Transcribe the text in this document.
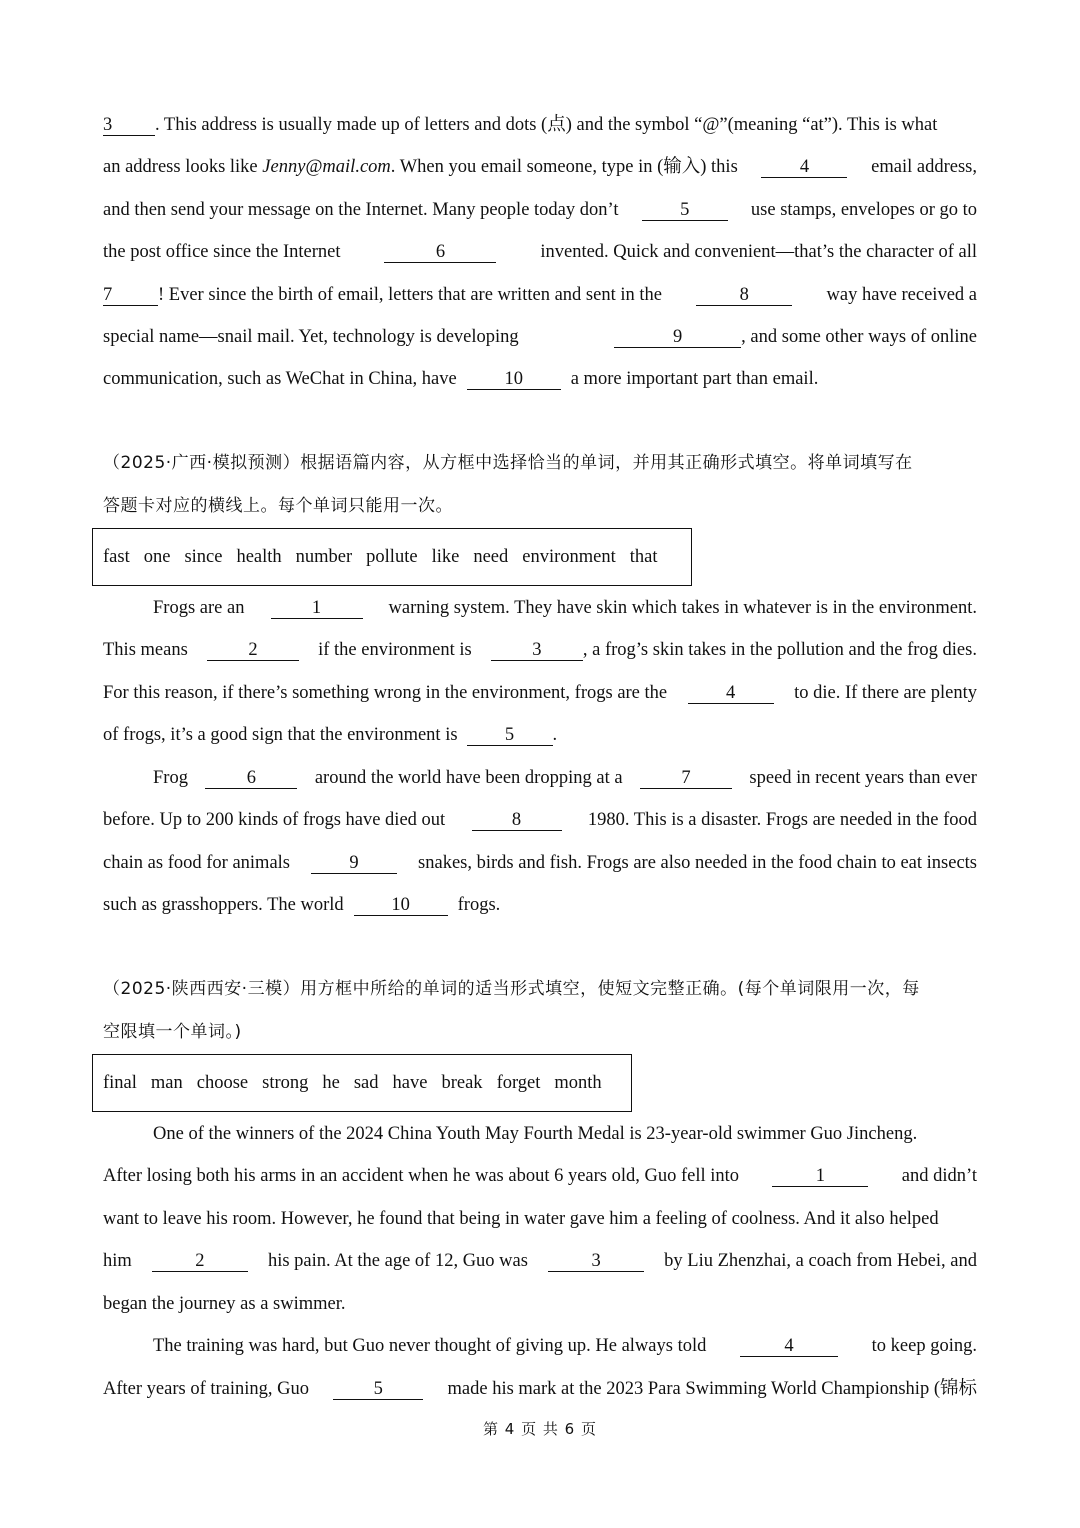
3 . This address is usually made up of letters and dots (点) and the symbol “@”(meaning “at”). This is what
an address looks like Jenny@mail.com. When you email someone, type in (输入) this	4	email address,
and then send your message on the Internet. Many people today don’t	5	use stamps, envelopes or go to
the post office since the Internet	6	invented. Quick and convenient—that’s the character of all
7 ! Ever since the birth of email, letters that are written and sent in the	8	way have received a
special name—snail mail. Yet, technology is developing	9	, and some other ways of online
communication, such as WeChat in China, have	10	a more important part than email.
（2025·广西·模拟预测）根据语篇内容，从方框中选择恰当的单词，并用其正确形式填空。将单词填写在
答题卡对应的横线上。每个单词只能用一次。
fast one since health number pollute like need environment that
Frogs are an	1	warning system. They have skin which takes in whatever is in the environment.
This means	2	if the environment is	3 , a frog’s skin takes in the pollution and the frog dies.
For this reason, if there’s something wrong in the environment, frogs are the	4	to die. If there are plenty
of frogs, it’s a good sign that the environment is	5	.
Frog	6	around the world have been dropping at a	7	speed in recent years than ever
before. Up to 200 kinds of frogs have died out	8	1980. This is a disaster. Frogs are needed in the food
chain as food for animals	9	snakes, birds and fish. Frogs are also needed in the food chain to eat insects
such as grasshoppers. The world	10	frogs.
（2025·陕西西安·三模）用方框中所给的单词的适当形式填空，使短文完整正确。(每个单词限用一次，每
空限填一个单词。)
final man choose strong he sad have break forget month
One of the winners of the 2024 China Youth May Fourth Medal is 23-year-old swimmer Guo Jincheng.
After losing both his arms in an accident when he was about 6 years old, Guo fell into	1	and didn’t
want to leave his room. However, he found that being in water gave him a feeling of coolness. And it also helped
him	2	his pain. At the age of 12, Guo was	3	by Liu Zhenzhai, a coach from Hebei, and
began the journey as a swimmer.
The training was hard, but Guo never thought of giving up. He always told	4	to keep going.
After years of training, Guo	5	made his mark at the 2023 Para Swimming World Championship (锦标
第 4 页 共 6 页
